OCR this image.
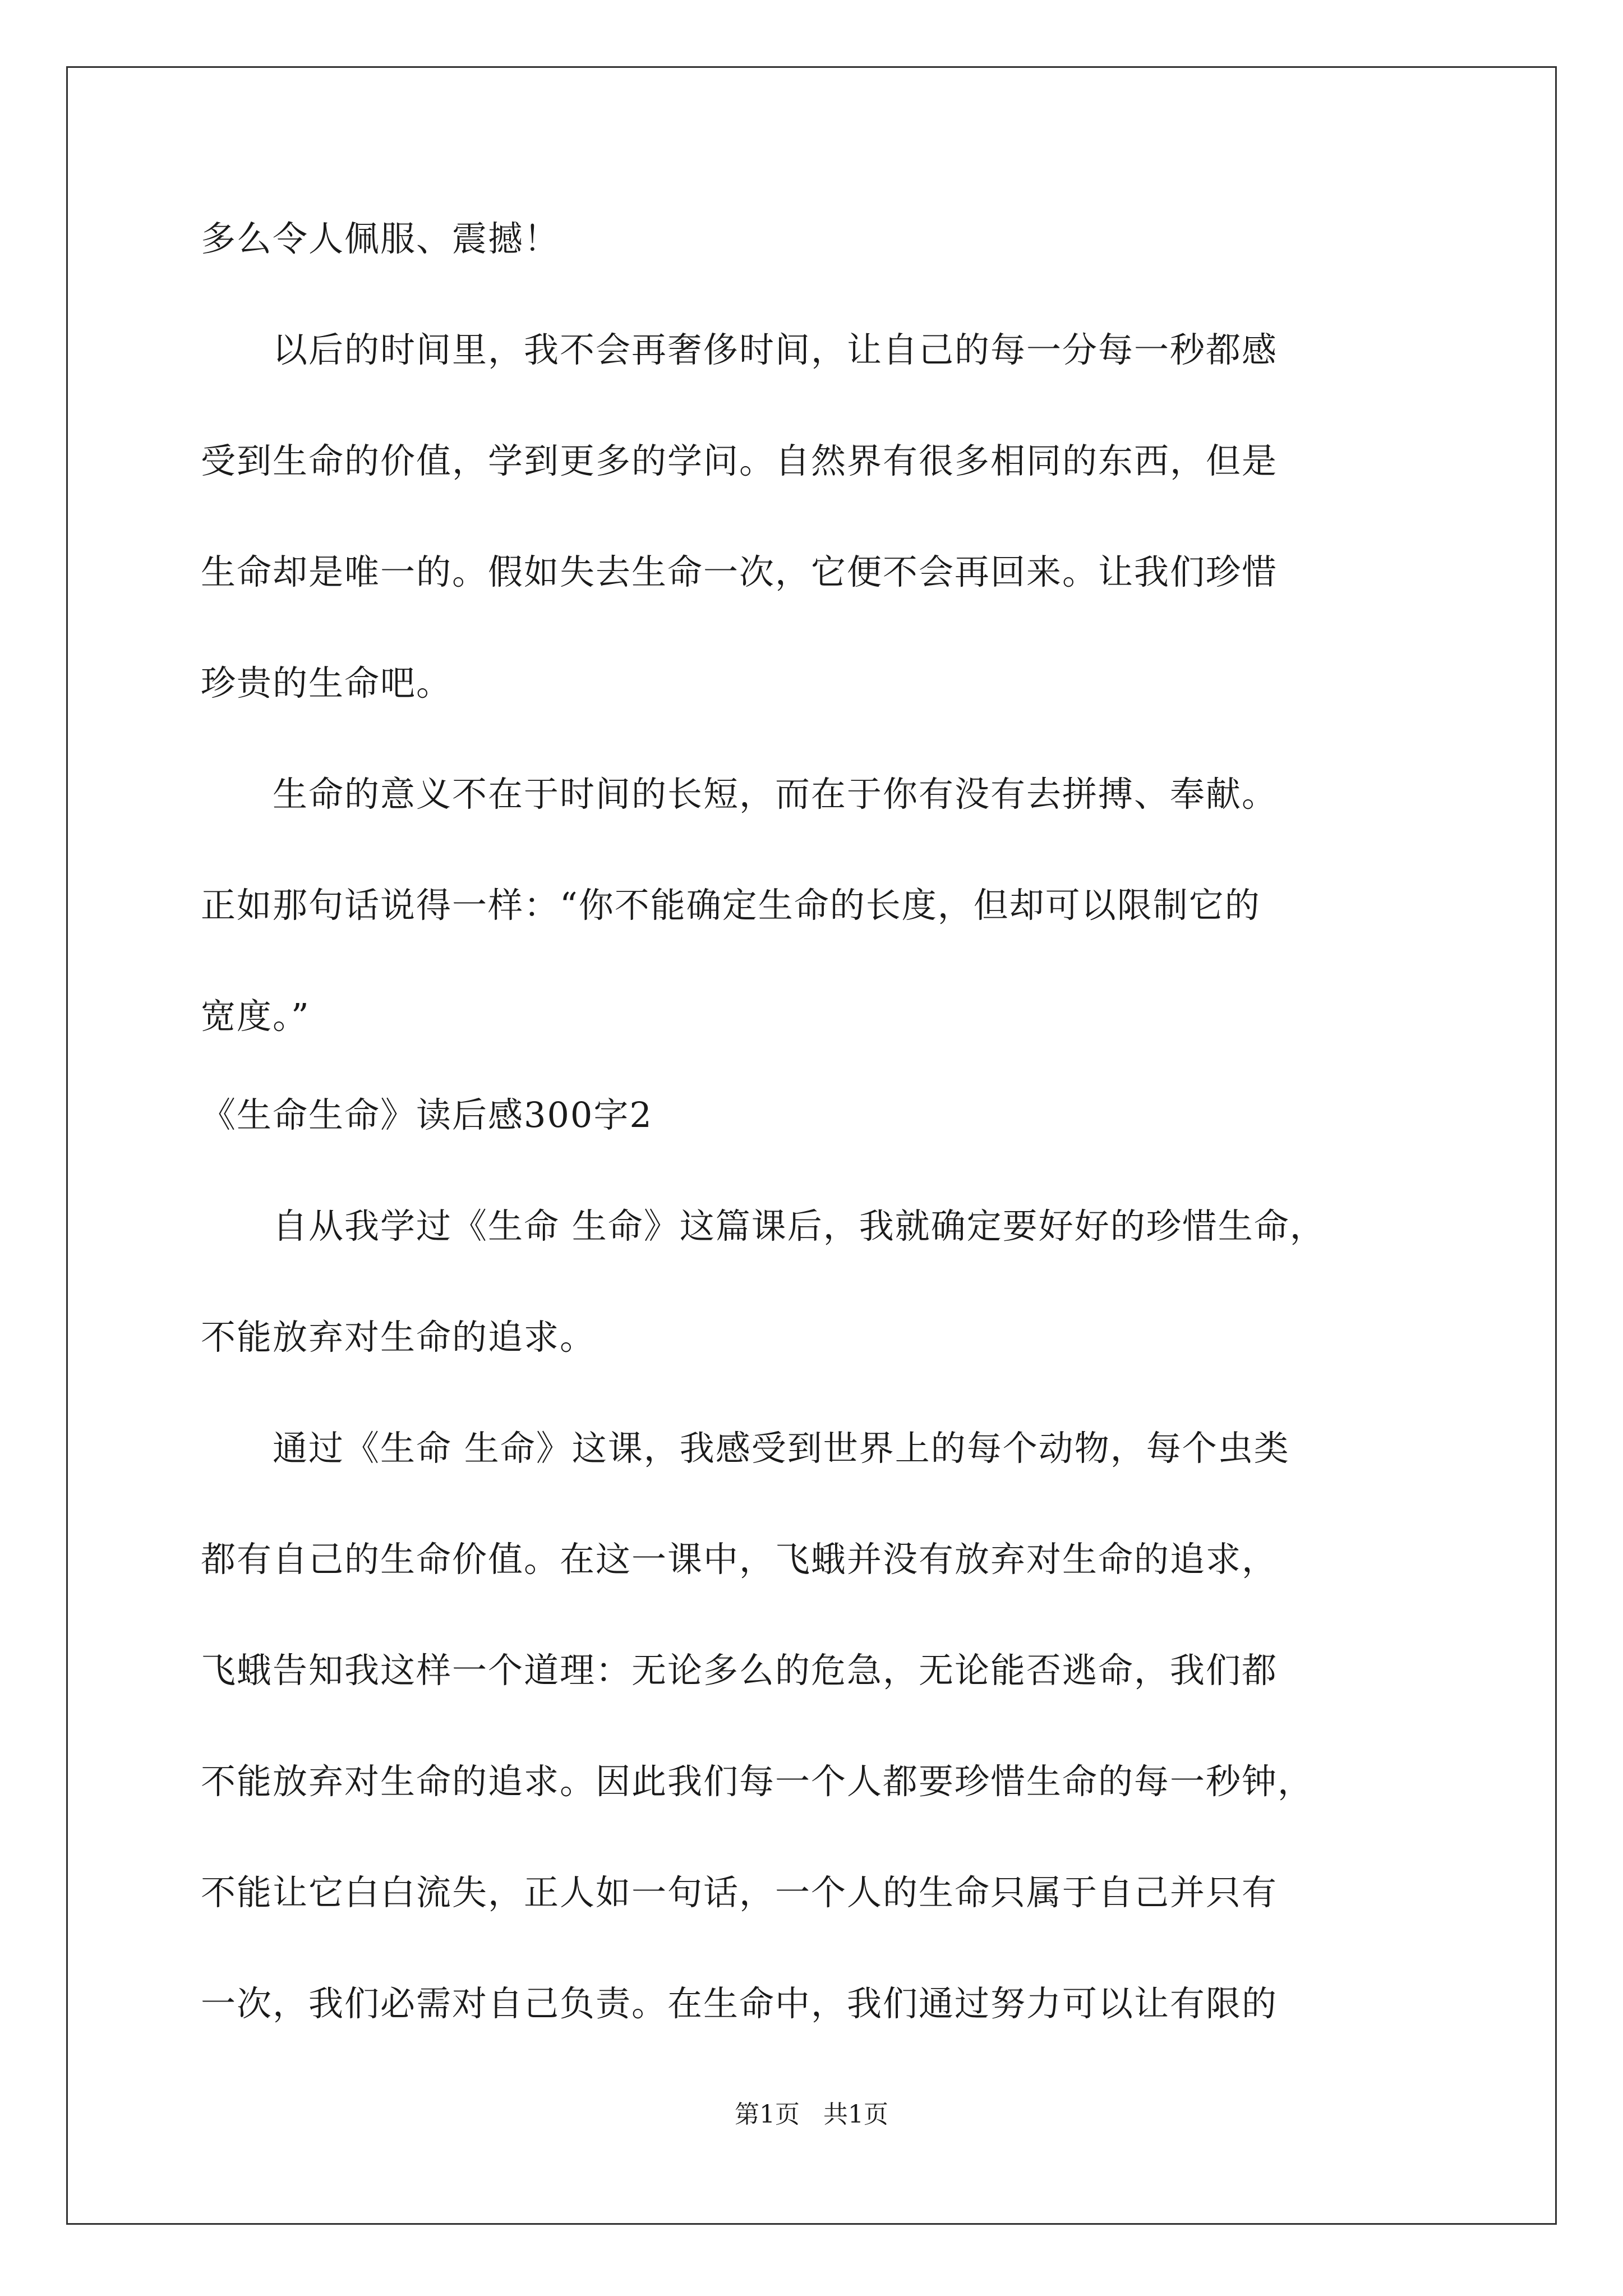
多么令人佩服、震撼！
　　以后的时间里，我不会再奢侈时间，让自己的每一分每一秒都感
受到生命的价值，学到更多的学问。自然界有很多相同的东西，但是
生命却是唯一的。假如失去生命一次，它便不会再回来。让我们珍惜
珍贵的生命吧。
　　生命的意义不在于时间的长短，而在于你有没有去拼搏、奉献。
正如那句话说得一样：“你不能确定生命的长度，但却可以限制它的
宽度。”
《生命生命》读后感300字2
　　自从我学过《生命 生命》这篇课后，我就确定要好好的珍惜生命，
不能放弃对生命的追求。
　　通过《生命 生命》这课，我感受到世界上的每个动物，每个虫类
都有自己的生命价值。在这一课中，飞蛾并没有放弃对生命的追求，
飞蛾告知我这样一个道理：无论多么的危急，无论能否逃命，我们都
不能放弃对生命的追求。因此我们每一个人都要珍惜生命的每一秒钟，
不能让它白白流失，正人如一句话，一个人的生命只属于自己并只有
一次，我们必需对自己负责。在生命中，我们通过努力可以让有限的
第1页 共1页
